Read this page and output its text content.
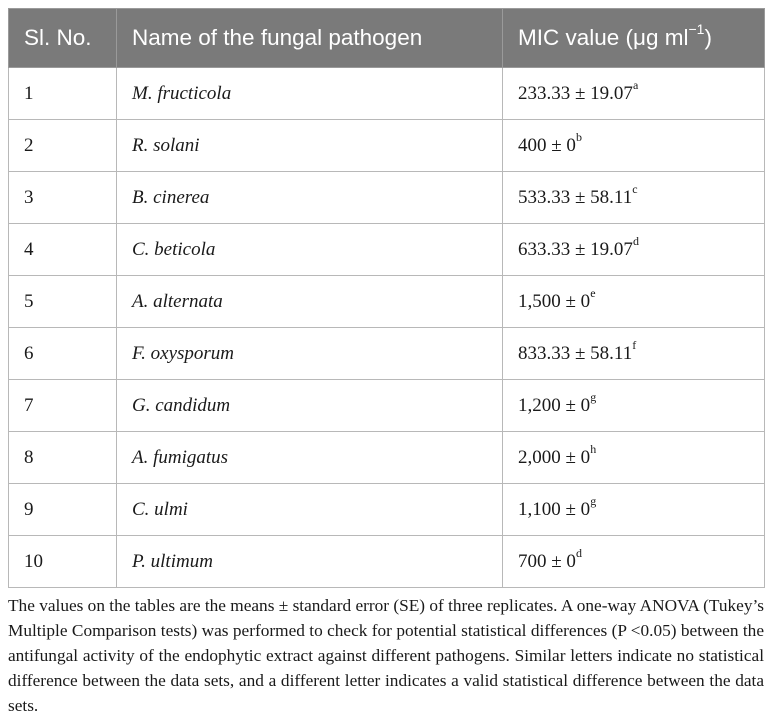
Sl. No.	Name of the fungal pathogen	MIC value (μg $ml^{-1}$)
1	M. fructicola	233.33 ± 19.07$^a$
2	R. solani	$400 \pm 0^b$
3	B. cinerea	533.33 ± 58.11$^c$
4	C. beticola	633.33 ± 19.07$^d$
5	A. alternata	$1,500 \pm 0^e$
6	F. oxysporum	833.33 ± 58.11$^f$
7	G. candidum	$1,200 \pm 0^g$
8	A. fumigatus	$2,000 \pm 0^h$
9	C. ulmi	$1,100 \pm 0^g$
10	P. ultimum	$700 \pm 0^d$

The values on the tables are the means ± standard error (SE) of three replicates. A one-way ANOVA (Tukey’s Multiple Comparison tests) was performed to check for potential statistical differences (P <0.05) between the antifungal activity of the endophytic extract against different pathogens. Similar letters indicate no statistical difference between the data sets, and a different letter indicates a valid statistical difference between the data sets.
